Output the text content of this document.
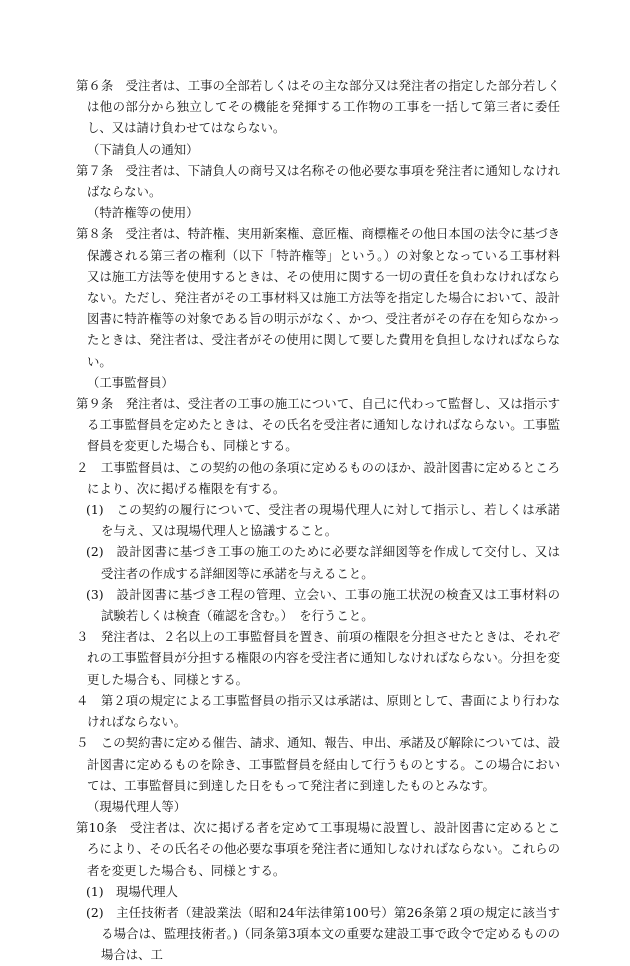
第６条　受注者は、工事の全部若しくはその主な部分又は発注者の指定した部分若しくは他の部分から独立してその機能を発揮する工作物の工事を一括して第三者に委任し、又は請け負わせてはならない。
（下請負人の通知）
第７条　受注者は、下請負人の商号又は名称その他必要な事項を発注者に通知しなければならない。
（特許権等の使用）
第８条　受注者は、特許権、実用新案権、意匠権、商標権その他日本国の法令に基づき保護される第三者の権利（以下「特許権等」という。）の対象となっている工事材料又は施工方法等を使用するときは、その使用に関する一切の責任を負わなければならない。ただし、発注者がその工事材料又は施工方法等を指定した場合において、設計図書に特許権等の対象である旨の明示がなく、かつ、受注者がその存在を知らなかったときは、発注者は、受注者がその使用に関して要した費用を負担しなければならない。
（工事監督員）
第９条　発注者は、受注者の工事の施工について、自己に代わって監督し、又は指示する工事監督員を定めたときは、その氏名を受注者に通知しなければならない。工事監督員を変更した場合も、同様とする。
２　工事監督員は、この契約の他の条項に定めるもののほか、設計図書に定めるところにより、次に掲げる権限を有する。
(1)　この契約の履行について、受注者の現場代理人に対して指示し、若しくは承諾を与え、又は現場代理人と協議すること。
(2)　設計図書に基づき工事の施工のために必要な詳細図等を作成して交付し、又は受注者の作成する詳細図等に承諾を与えること。
(3)　設計図書に基づき工程の管理、立会い、工事の施工状況の検査又は工事材料の試験若しくは検査（確認を含む。）　を行うこと。
３　発注者は、２名以上の工事監督員を置き、前項の権限を分担させたときは、それぞれの工事監督員が分担する権限の内容を受注者に通知しなければならない。分担を変更した場合も、同様とする。
４　第２項の規定による工事監督員の指示又は承諾は、原則として、書面により行わなければならない。
５　この契約書に定める催告、請求、通知、報告、申出、承諾及び解除については、設計図書に定めるものを除き、工事監督員を経由して行うものとする。この場合においては、工事監督員に到達した日をもって発注者に到達したものとみなす。
（現場代理人等）
第10条　受注者は、次に掲げる者を定めて工事現場に設置し、設計図書に定めるところにより、その氏名その他必要な事項を発注者に通知しなければならない。これらの者を変更した場合も、同様とする。
(1)　現場代理人
(2)　主任技術者（建設業法（昭和24年法律第100号）第26条第２項の規定に該当する場合は、監理技術者。)（同条第3項本文の重要な建設工事で政令で定めるものの場合は、工
